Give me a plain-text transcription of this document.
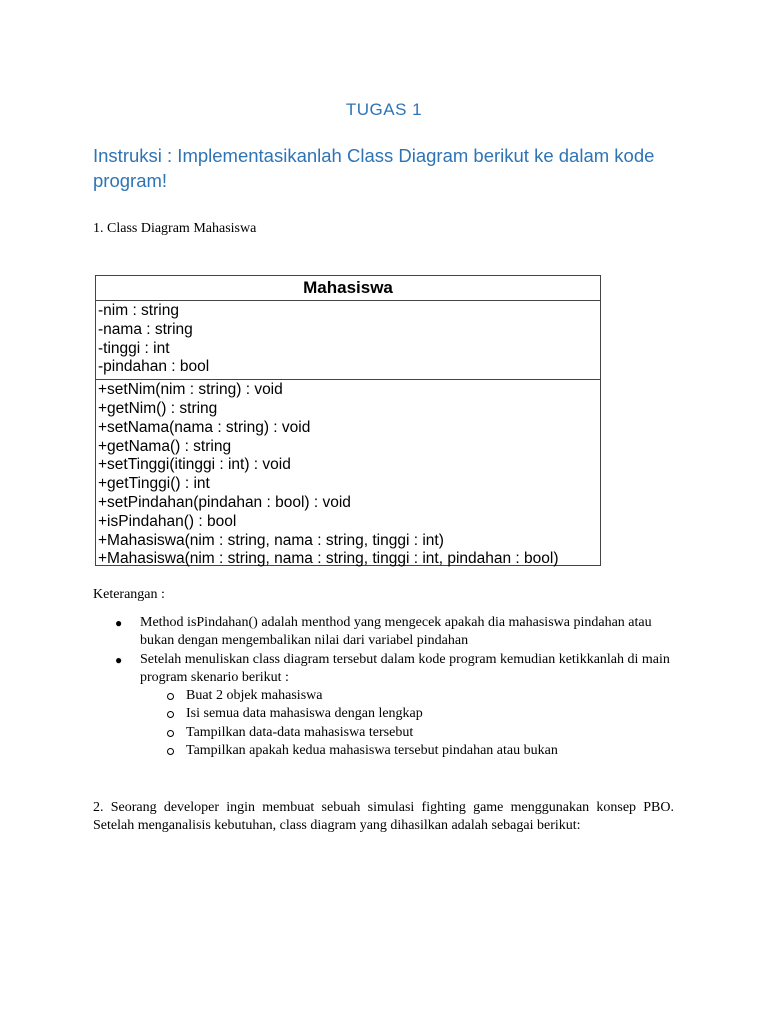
TUGAS 1
Instruksi : Implementasikanlah Class Diagram berikut ke dalam kode program!
1. Class Diagram Mahasiswa
Mahasiswa
-nim : string
-nama : string
-tinggi : int
-pindahan : bool
+setNim(nim : string) : void
+getNim() : string
+setNama(nama : string) : void
+getNama() : string
+setTinggi(itinggi : int) : void
+getTinggi() : int
+setPindahan(pindahan : bool) : void
+isPindahan() : bool
+Mahasiswa(nim : string, nama : string, tinggi : int)
+Mahasiswa(nim : string, nama : string, tinggi : int, pindahan : bool)
Keterangan :
● Method isPindahan() adalah menthod yang mengecek apakah dia mahasiswa pindahan atau bukan dengan mengembalikan nilai dari variabel pindahan
● Setelah menuliskan class diagram tersebut dalam kode program kemudian ketikkanlah di main program skenario berikut :
Buat 2 objek mahasiswa
Isi semua data mahasiswa dengan lengkap
Tampilkan data-data mahasiswa tersebut
Tampilkan apakah kedua mahasiswa tersebut pindahan atau bukan
2. Seorang developer ingin membuat sebuah simulasi fighting game menggunakan konsep PBO. Setelah menganalisis kebutuhan, class diagram yang dihasilkan adalah sebagai berikut:
